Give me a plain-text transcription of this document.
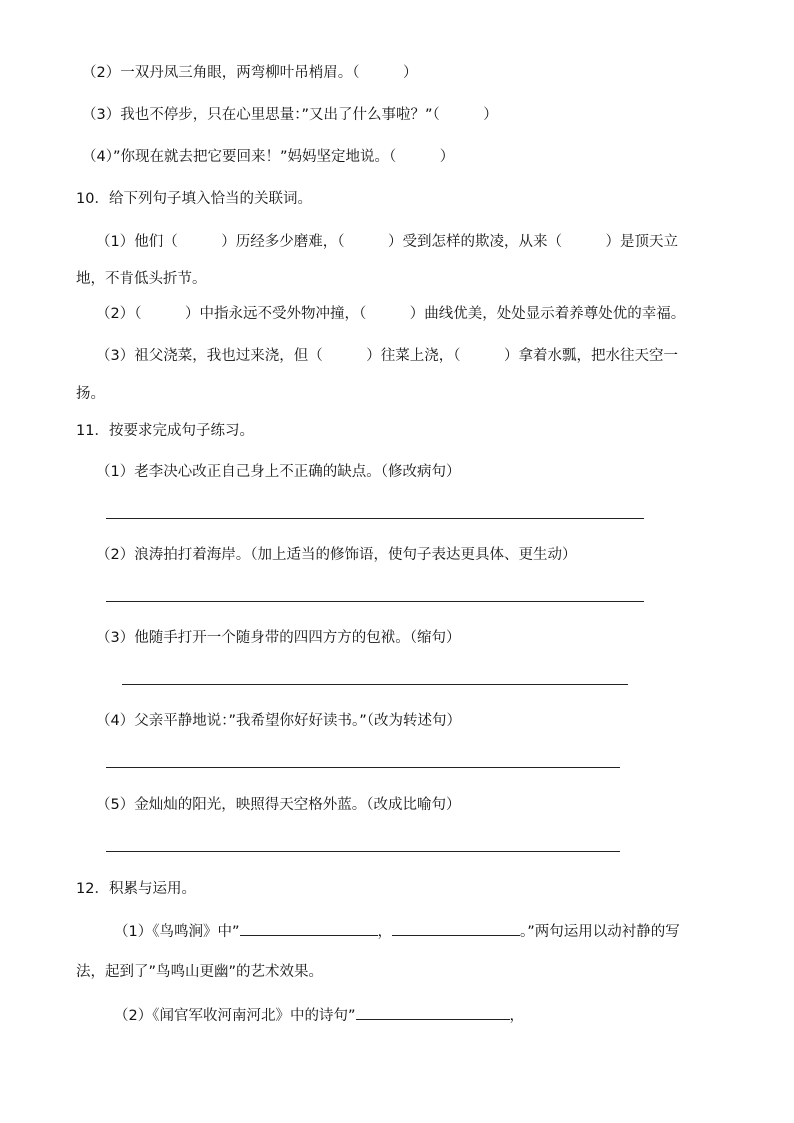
（2）一双丹凤三角眼，两弯柳叶吊梢眉。（　　　）
（3）我也不停步，只在心里思量：”又出了什么事啦？”（　　　）
（4）”你现在就去把它要回来！”妈妈坚定地说。（　　　）
10．给下列句子填入恰当的关联词。
（1）他们（　　　）历经多少磨难，（　　　）受到怎样的欺凌，从来（　　　）是顶天立
地，不肯低头折节。
（2）（　　　）中指永远不受外物冲撞，（　　　）曲线优美，处处显示着养尊处优的幸福。
（3）祖父浇菜，我也过来浇，但（　　　）往菜上浇，（　　　）拿着水瓢，把水往天空一
扬。
11．按要求完成句子练习。
（1）老李决心改正自己身上不正确的缺点。（修改病句）
（2）浪涛拍打着海岸。（加上适当的修饰语，使句子表达更具体、更生动）
（3）他随手打开一个随身带的四四方方的包袱。（缩句）
（4）父亲平静地说：”我希望你好好读书。”（改为转述句）
（5）金灿灿的阳光，映照得天空格外蓝。（改成比喻句）
12．积累与运用。
（1）《鸟鸣涧》中”	，	。”两句运用以动衬静的写
法，起到了”鸟鸣山更幽”的艺术效果。
（2）《闻官军收河南河北》中的诗句”	，
